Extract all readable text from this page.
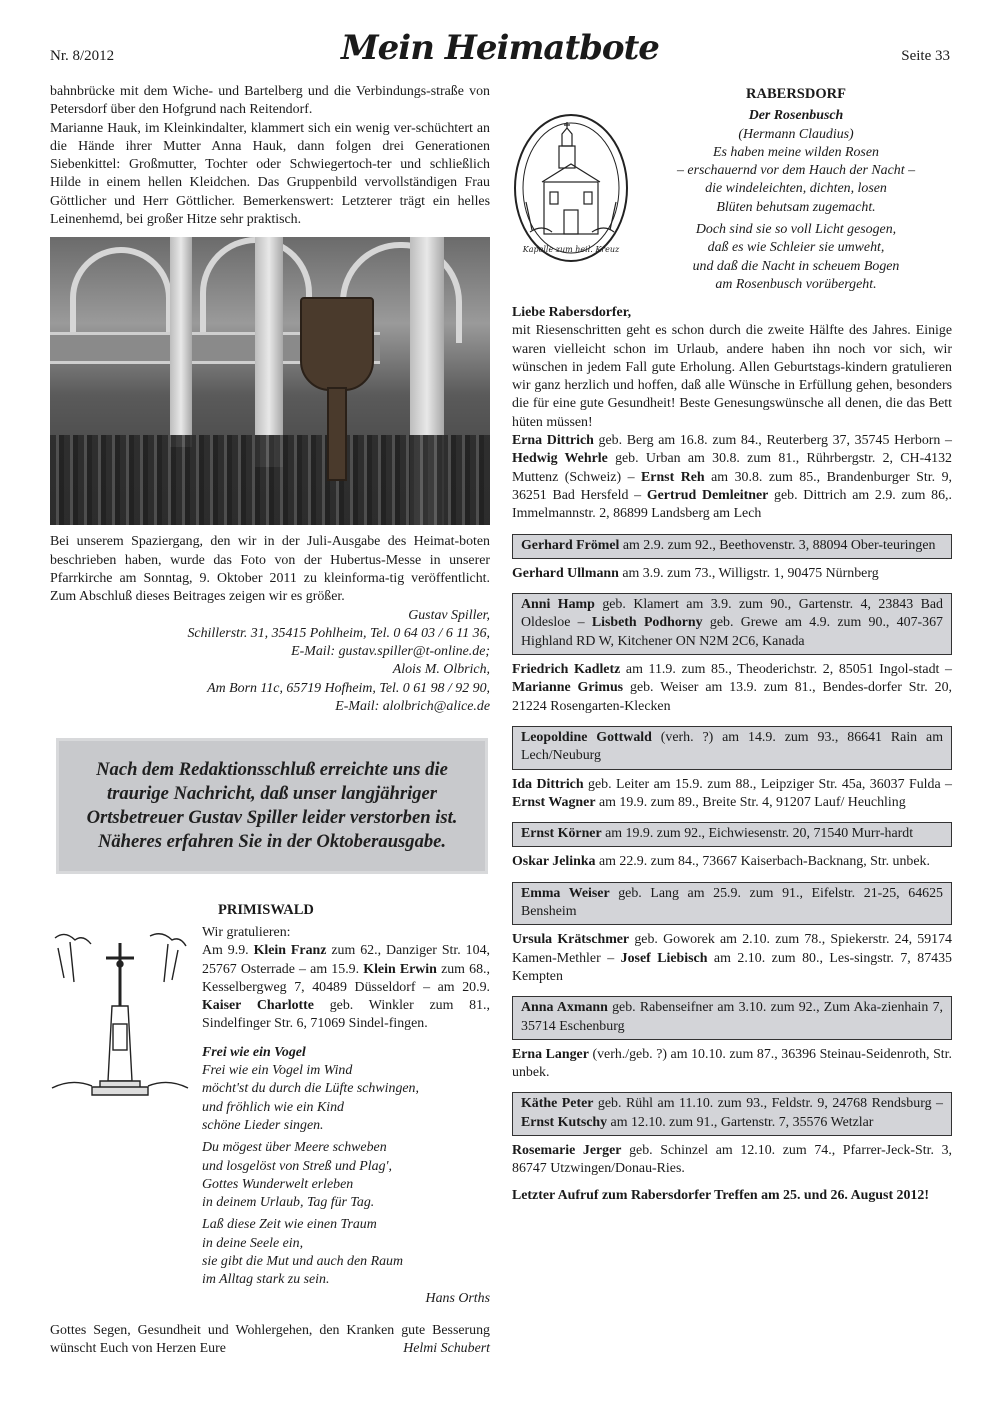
Nr. 8/2012	Mein Heimatbote	Seite 33

bahnbrücke mit dem Wiche- und Bartelberg und die Verbindungs-straße von Petersdorf über den Hofgrund nach Reitendorf.

Marianne Hauk, im Kleinkindalter, klammert sich ein wenig ver-schüchtert an die Hände ihrer Mutter Anna Hauk, dann folgen drei Generationen Siebenkittel: Großmutter, Tochter oder Schwiegertoch-ter und schließlich Hilde in einem hellen Kleidchen. Das Gruppenbild vervollständigen Frau Göttlicher und Herr Göttlicher. Bemerkenswert: Letzterer trägt ein helles Leinenhemd, bei großer Hitze sehr praktisch.

Bei unserem Spaziergang, den wir in der Juli-Ausgabe des Heimat-boten beschrieben haben, wurde das Foto von der Hubertus-Messe in unserer Pfarrkirche am Sonntag, 9. Oktober 2011 zu kleinforma-tig veröffentlicht. Zum Abschluß dieses Beitrages zeigen wir es größer.

Gustav Spiller,

Schillerstr. 31, 35415 Pohlheim, Tel. 0 64 03 / 6 11 36,

E-Mail: gustav.spiller@t-online.de;

Alois M. Olbrich,

Am Born 11c, 65719 Hofheim, Tel. 0 61 98 / 92 90,

E-Mail: alolbrich@alice.de

Nach dem Redaktionsschluß erreichte uns die
traurige Nachricht, daß unser langjähriger
Ortsbetreuer Gustav Spiller leider verstorben ist.
Näheres erfahren Sie in der Oktoberausgabe.
PRIMISWALD

Wir gratulieren:

Am 9.9. Klein Franz zum 62., Danziger Str. 104, 25767 Osterrade – am 15.9. Klein Erwin zum 68., Kesselbergweg 7, 40489 Düsseldorf – am 20.9. Kaiser Charlotte geb. Winkler zum 81., Sindelfinger Str. 6, 71069 Sindel-fingen.

Frei wie ein Vogel

Frei wie ein Vogel im Wind

möcht'st du durch die Lüfte schwingen,

und fröhlich wie ein Kind

schöne Lieder singen.

Du mögest über Meere schweben

und losgelöst von Streß und Plag',

Gottes Wunderwelt erleben

in deinem Urlaub, Tag für Tag.

Laß diese Zeit wie einen Traum

in deine Seele ein,

sie gibt die Mut und auch den Raum

im Alltag stark zu sein.

Hans Orths

Gottes Segen, Gesundheit und Wohlergehen, den Kranken gute Besserung wünscht Euch von Herzen Eure	Helmi Schubert

Kapelle zum heil. Kreuz

RABERSDORF

Der Rosenbusch

(Hermann Claudius)

Es haben meine wilden Rosen

– erschauernd vor dem Hauch der Nacht –

die windeleichten, dichten, losen

Blüten behutsam zugemacht.

Doch sind sie so voll Licht gesogen,

daß es wie Schleier sie umweht,

und daß die Nacht in scheuem Bogen

am Rosenbusch vorübergeht.

Liebe Rabersdorfer,

mit Riesenschritten geht es schon durch die zweite Hälfte des Jahres. Einige waren vielleicht schon im Urlaub, andere haben ihn noch vor sich, wir wünschen in jedem Fall gute Erholung. Allen Geburtstags-kindern gratulieren wir ganz herzlich und hoffen, daß alle Wünsche in Erfüllung gehen, besonders die für eine gute Gesundheit! Beste Genesungswünsche all denen, die das Bett hüten müssen!

Erna Dittrich geb. Berg am 16.8. zum 84., Reuterberg 37, 35745 Herborn – Hedwig Wehrle geb. Urban am 30.8. zum 81., Rührbergstr. 2, CH-4132 Muttenz (Schweiz) – Ernst Reh am 30.8. zum 85., Brandenburger Str. 9, 36251 Bad Hersfeld – Gertrud Demleitner geb. Dittrich am 2.9. zum 86,. Immelmannstr. 2, 86899 Landsberg am Lech

Gerhard Frömel am 2.9. zum 92., Beethovenstr. 3, 88094 Ober-teuringen

Gerhard Ullmann am 3.9. zum 73., Willigstr. 1, 90475 Nürnberg

Anni Hamp geb. Klamert am 3.9. zum 90., Gartenstr. 4, 23843 Bad Oldesloe – Lisbeth Podhorny geb. Grewe am 4.9. zum 90., 407-367 Highland RD W, Kitchener ON N2M 2C6, Kanada

Friedrich Kadletz am 11.9. zum 85., Theoderichstr. 2, 85051 Ingol-stadt – Marianne Grimus geb. Weiser am 13.9. zum 81., Bendes-dorfer Str. 20, 21224 Rosengarten-Klecken

Leopoldine Gottwald (verh. ?) am 14.9. zum 93., 86641 Rain am Lech/Neuburg

Ida Dittrich geb. Leiter am 15.9. zum 88., Leipziger Str. 45a, 36037 Fulda – Ernst Wagner am 19.9. zum 89., Breite Str. 4, 91207 Lauf/ Heuchling

Ernst Körner am 19.9. zum 92., Eichwiesenstr. 20, 71540 Murr-hardt

Oskar Jelinka am 22.9. zum 84., 73667 Kaiserbach-Backnang, Str. unbek.

Emma Weiser geb. Lang am 25.9. zum 91., Eifelstr. 21-25, 64625 Bensheim

Ursula Krätschmer geb. Goworek am 2.10. zum 78., Spiekerstr. 24, 59174 Kamen-Methler – Josef Liebisch am 2.10. zum 80., Les-singstr. 7, 87435 Kempten

Anna Axmann geb. Rabenseifner am 3.10. zum 92., Zum Aka-zienhain 7, 35714 Eschenburg

Erna Langer (verh./geb. ?) am 10.10. zum 87., 36396 Steinau-Seidenroth, Str. unbek.

Käthe Peter geb. Rühl am 11.10. zum 93., Feldstr. 9, 24768 Rendsburg – Ernst Kutschy am 12.10. zum 91., Gartenstr. 7, 35576 Wetzlar

Rosemarie Jerger geb. Schinzel am 12.10. zum 74., Pfarrer-Jeck-Str. 3, 86747 Utzwingen/Donau-Ries.

Letzter Aufruf zum Rabersdorfer Treffen am 25. und 26. August 2012!
